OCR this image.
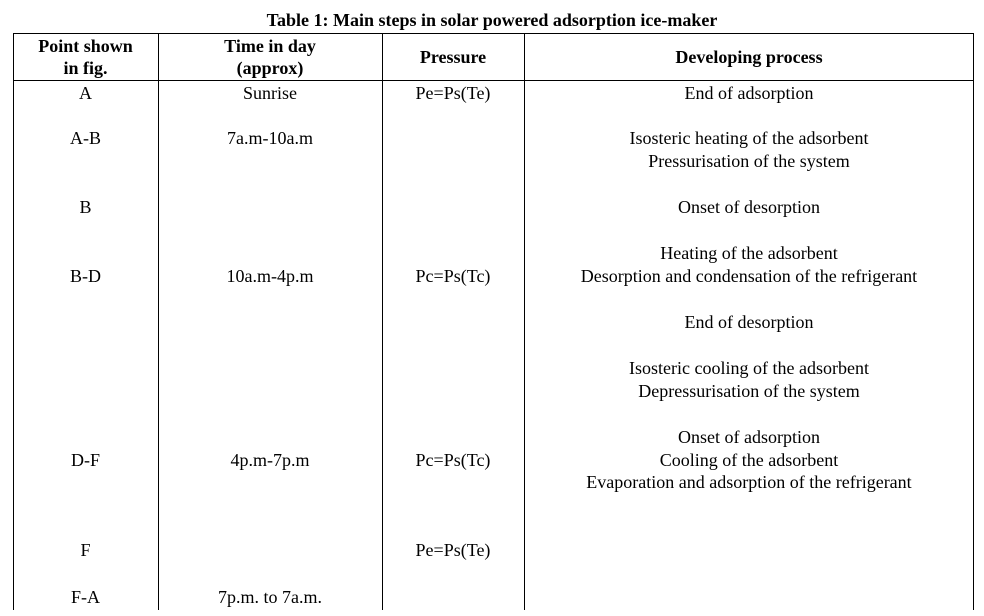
Table 1: Main steps in solar powered adsorption ice-maker
Point shown
in fig.
Time in day
(approx)
Pressure	Developing process
A
A-B
B
B-D
D-F
F
F-A
Sunrise
7a.m-10a.m
10a.m-4p.m
4p.m-7p.m
7p.m. to 7a.m.
Pe=Ps(Te)
Pc=Ps(Tc)
Pc=Ps(Tc)
Pe=Ps(Te)
End of adsorption
Isosteric heating of the adsorbent
Pressurisation of the system
Onset of desorption
Heating of the adsorbent
Desorption and condensation of the refrigerant
End of desorption
Isosteric cooling of the adsorbent
Depressurisation of the system
Onset of adsorption
Cooling of the adsorbent
Evaporation and adsorption of the refrigerant
